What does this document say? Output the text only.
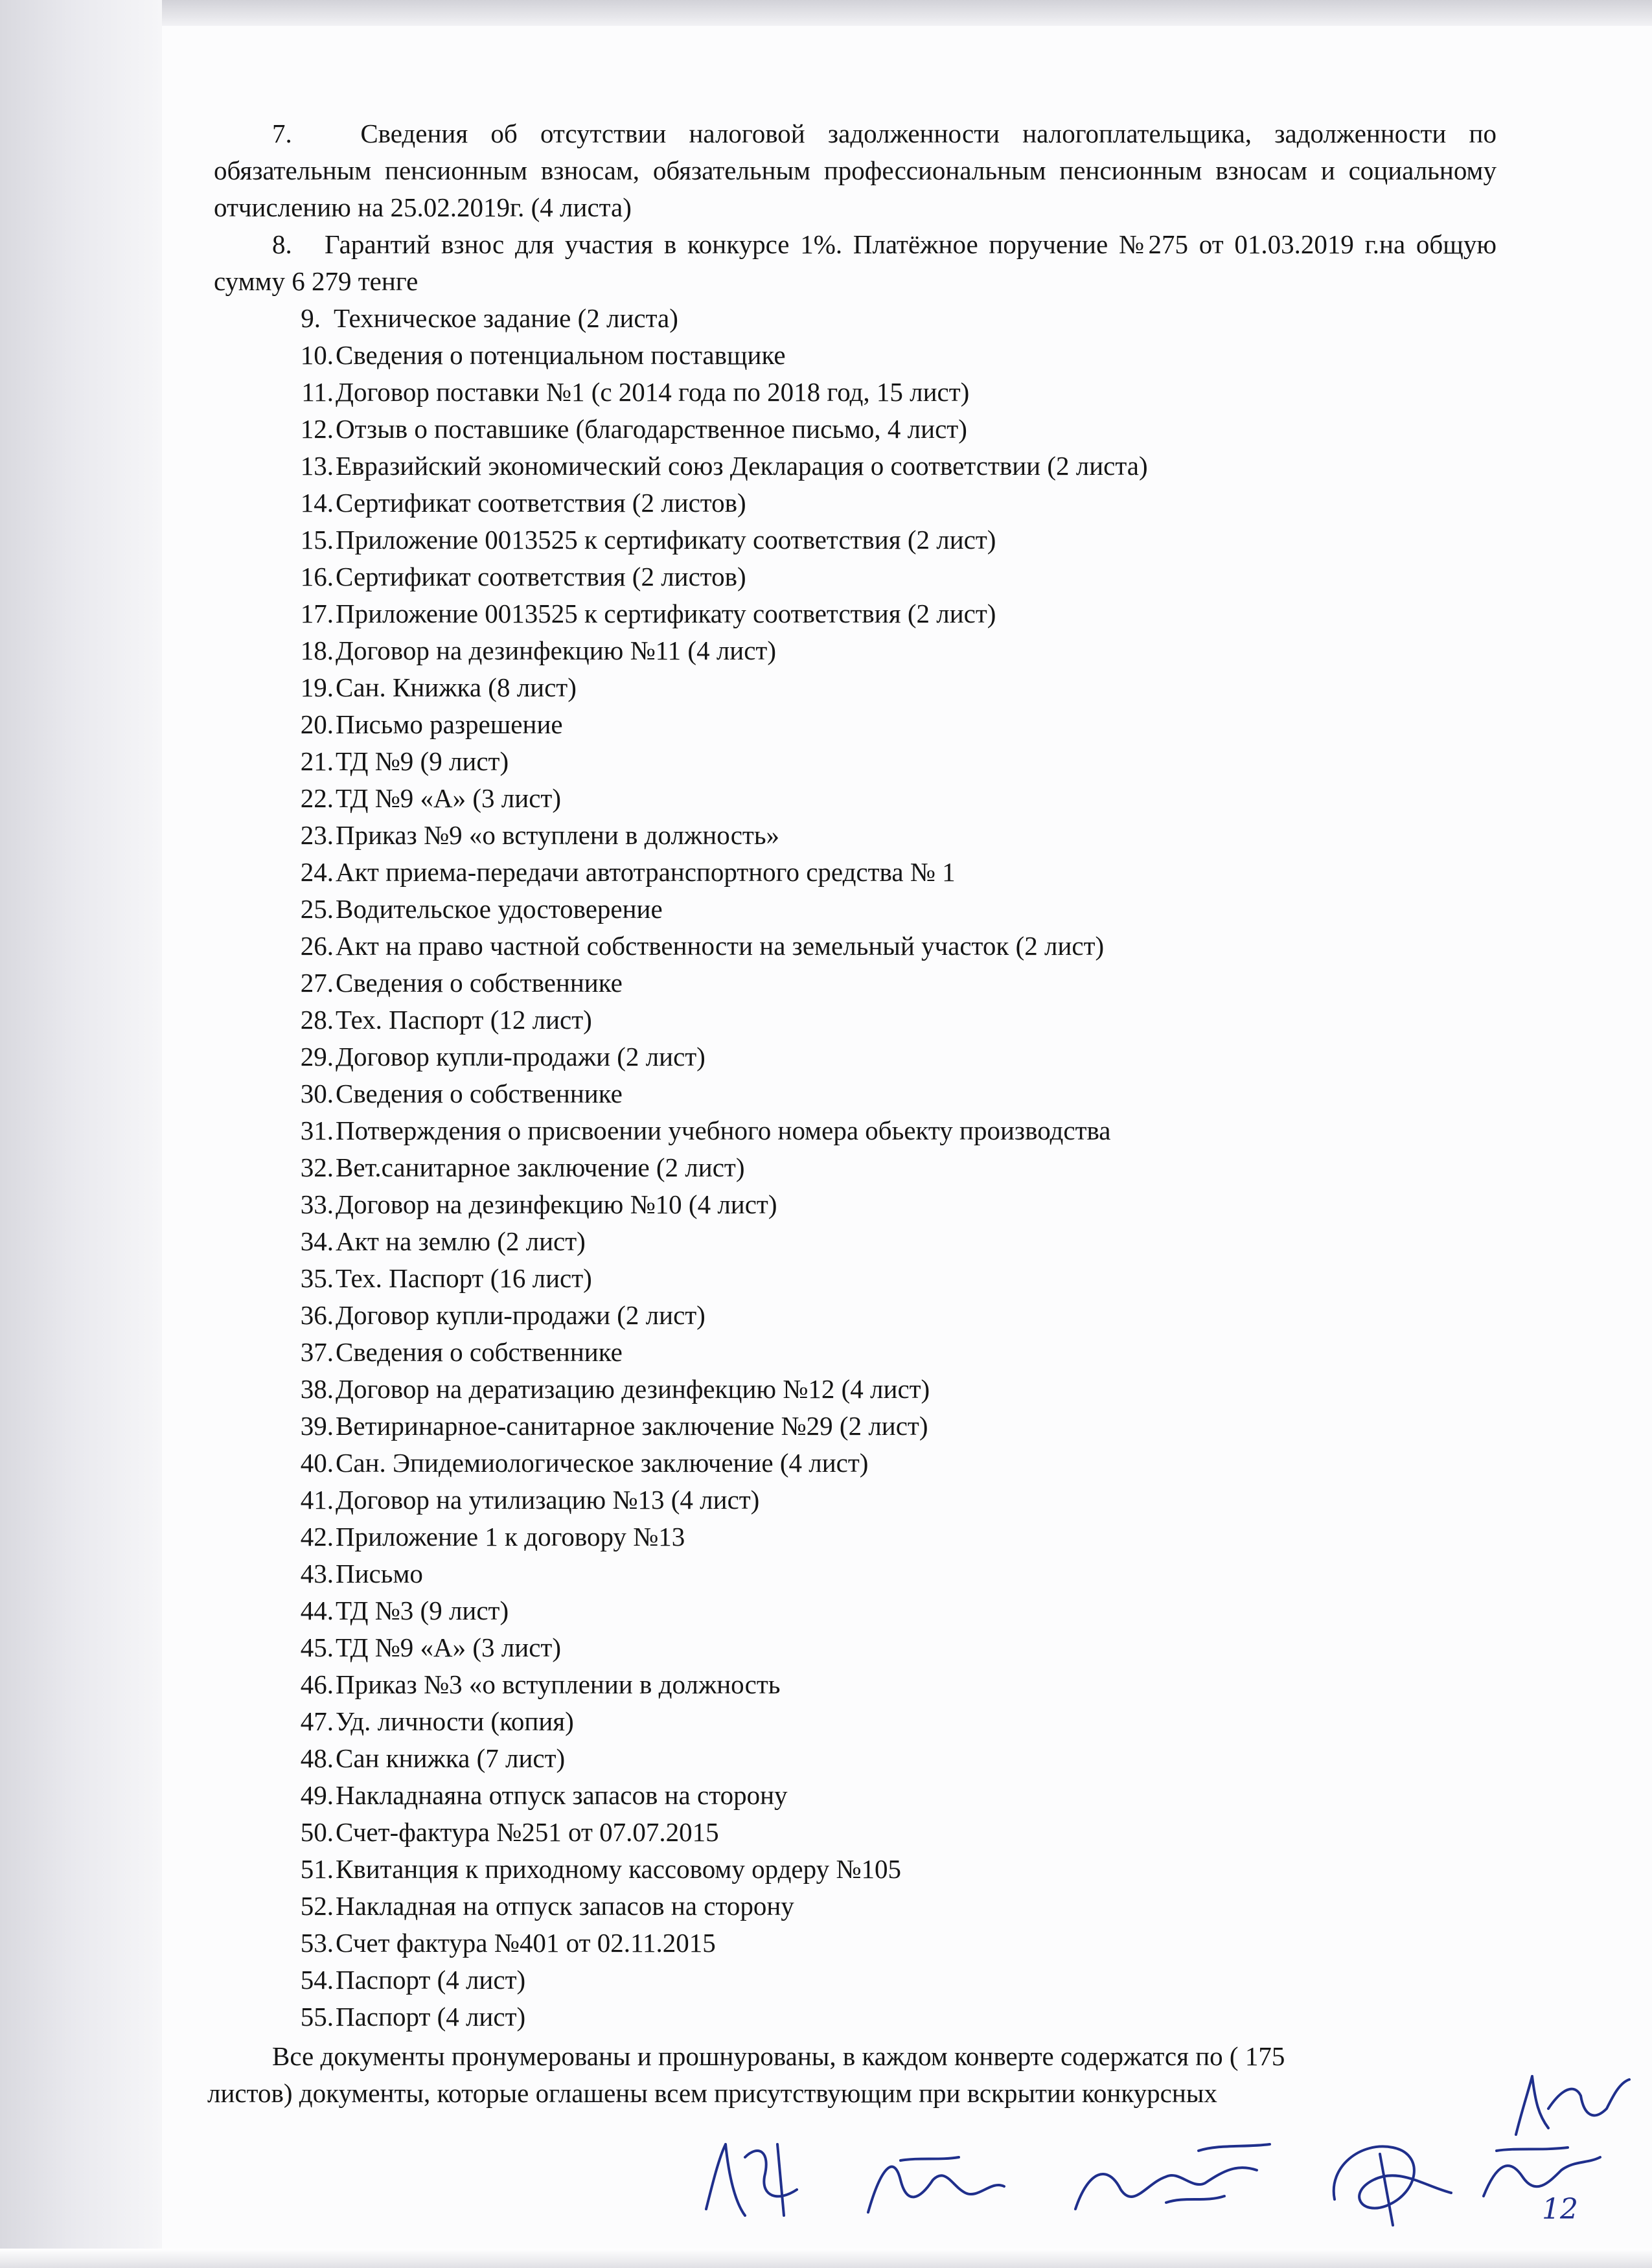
7.	Сведения об отсутствии налоговой задолженности налогоплательщика, задолженности по обязательным пенсионным взносам, обязательным профессиональным пенсионным взносам и социальному отчислению на 25.02.2019г. (4 листа)

8. Гарантий взнос для участия в конкурсе 1%. Платёжное поручение №275 от 01.03.2019 г.на общую сумму 6 279 тенге

9. Техническое задание (2 листа)
10. Сведения о потенциальном поставщике
11. Договор поставки №1 (с 2014 года по 2018 год, 15 лист)
12. Отзыв о поставшике (благодарственное письмо, 4 лист)
13. Евразийский экономический союз Декларация о соответствии (2 листа)
14. Сертификат соответствия (2 листов)
15. Приложение 0013525 к сертификату соответствия (2 лист)
16. Сертификат соответствия (2 листов)
17. Приложение 0013525 к сертификату соответствия (2 лист)
18. Договор на дезинфекцию №11 (4 лист)
19. Сан. Книжка (8 лист)
20. Письмо разрешение
21. ТД №9 (9 лист)
22. ТД №9 «А» (3 лист)
23. Приказ №9 «о вступлени в должность»
24. Акт приема-передачи автотранспортного средства № 1
25. Водительское удостоверение
26. Акт на право частной собственности на земельный участок (2 лист)
27. Сведения о собственнике
28. Тех. Паспорт (12 лист)
29. Договор купли-продажи (2 лист)
30. Сведения о собственнике
31. Потверждения о присвоении учебного номера обьекту производства
32. Вет.санитарное заключение (2 лист)
33. Договор на дезинфекцию №10 (4 лист)
34. Акт на землю (2 лист)
35. Тех. Паспорт (16 лист)
36. Договор купли-продажи (2 лист)
37. Сведения о собственнике
38. Договор на дератизацию дезинфекцию №12 (4 лист)
39. Ветиринарное-санитарное заключение №29 (2 лист)
40. Сан. Эпидемиологическое заключение (4 лист)
41. Договор на утилизацию №13 (4 лист)
42. Приложение 1 к договору №13
43. Письмо
44. ТД №3 (9 лист)
45. ТД №9 «А» (3 лист)
46. Приказ №3 «о вступлении в должность
47. Уд. личности (копия)
48. Сан книжка (7 лист)
49. Накладнаяна отпуск запасов на сторону
50. Счет-фактура №251 от 07.07.2015
51. Квитанция к приходному кассовому ордеру №105
52. Накладная на отпуск запасов на сторону
53. Счет фактура №401 от 02.11.2015
54. Паспорт (4 лист)
55. Паспорт (4 лист)

Все документы пронумерованы и прошнурованы, в каждом конверте содержатся по ( 175

листов) документы, которые оглашены всем присутствующим при вскрытии конкурсных
12
